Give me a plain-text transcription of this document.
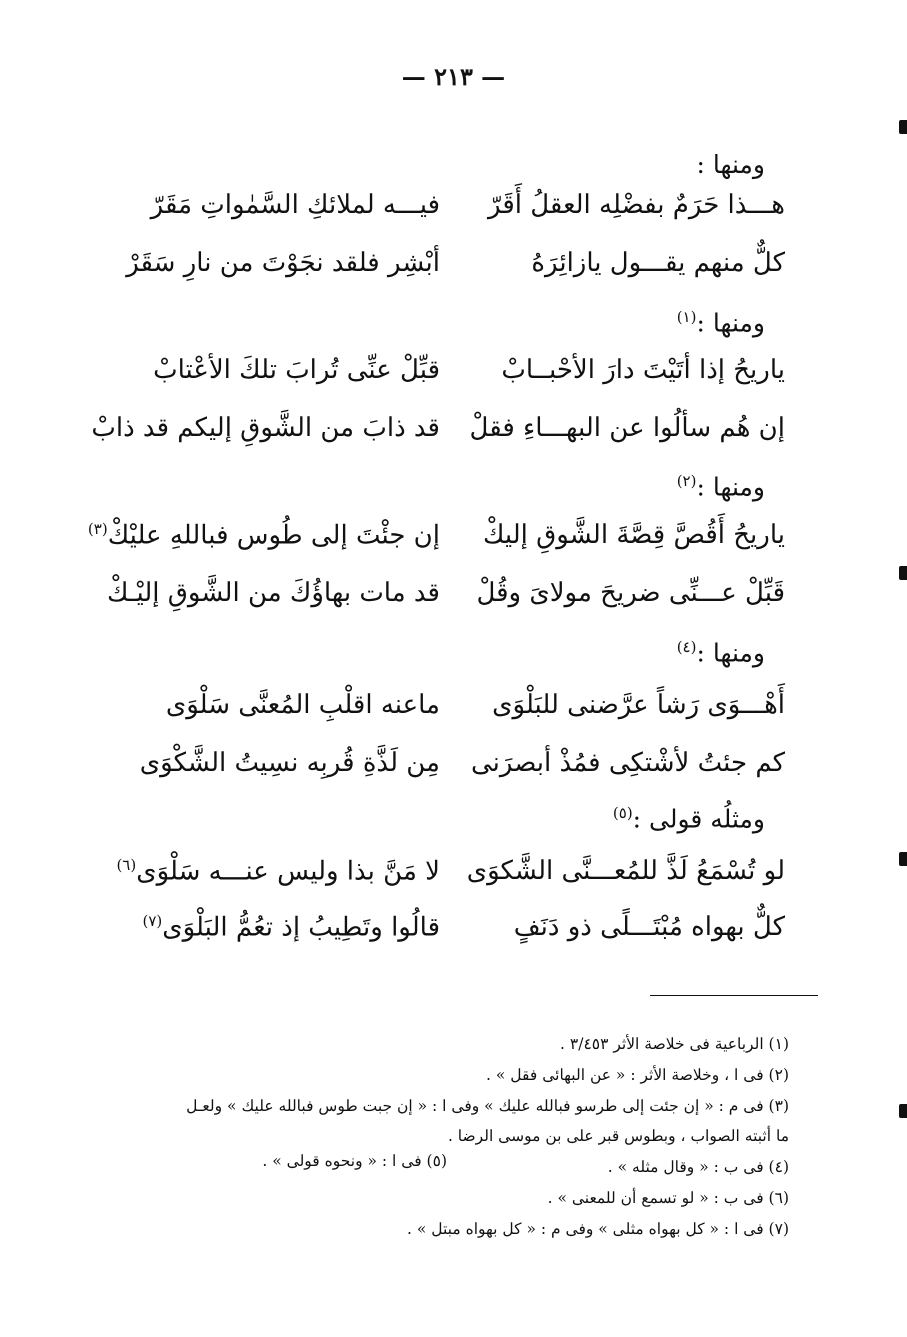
— ٢١٣ —
ومنها :
هـــذا حَرَمٌ بفضْلِه العقلُ أَقَرّ
فيـــه لملائكِ السَّمٰواتِ مَقَرّ
كلٌّ منهم يقـــول يازائِرَهُ
أبْشِر فلقد نجَوْتَ من نارِ سَقَرْ
ومنها :$^{(١)}$
ياريحُ إذا أتَيْتَ دارَ الأحْبــابْ
قبِّلْ عنِّى تُرابَ تلكَ الأعْتابْ
إن هُم سألُوا عن البهـــاءِ فقلْ
قد ذابَ من الشَّوقِ إليكم قد ذابْ
ومنها :$^{(٢)}$
ياريحُ أَقُصَّ قِصَّةَ الشَّوقِ إليكْ
إن جئْتَ إلى طُوس فباللهِ عليْكْ$^{(٣)}$
قَبِّلْ عـــنِّى ضريحَ مولاىَ وقُلْ
قد مات بهاؤُكَ من الشَّوقِ إليْـكْ
ومنها :$^{(٤)}$
أَهْـــوَى رَشاً عرَّضنى للبَلْوَى
ماعنه اقلْبِ المُعنَّى سَلْوَى
كم جئتُ لأشْتكِى فمُذْ أبصرَنى
مِن لَذَّةِ قُربِه نسِيتُ الشَّكْوَى
ومثلُه قولى :$^{(٥)}$
لو تُسْمَعُ لَذَّ للمُعـــنَّى الشَّكوَى
لا مَنَّ بذا وليس عنـــه سَلْوَى$^{(٦)}$
كلٌّ بهواه مُبْتَـــلًى ذو دَنَفٍ
قالُوا وتَطِيبُ إذ تعُمُّ البَلْوَى$^{(٧)}$
(١) الرباعية فى خلاصة الأثر ٣/٤٥٣ .
(٢) فى ا ، وخلاصة الأثر : « عن البهائى فقل » .
(٣) فى م : « إن جئت إلى طرسو فبالله عليك » وفى ا : « إن جبت طوس فبالله عليك » ولعـل
ما أثبته الصواب ، وبطوس قبر على بن موسى الرضا .
(٤) فى ب : « وقال مثله » .
(٥) فى ا : « ونحوه قولى » .
(٦) فى ب : « لو تسمع أن للمعنى » .
(٧) فى ا : « كل بهواه مثلى » وفى م : « كل بهواه مبتل » .
